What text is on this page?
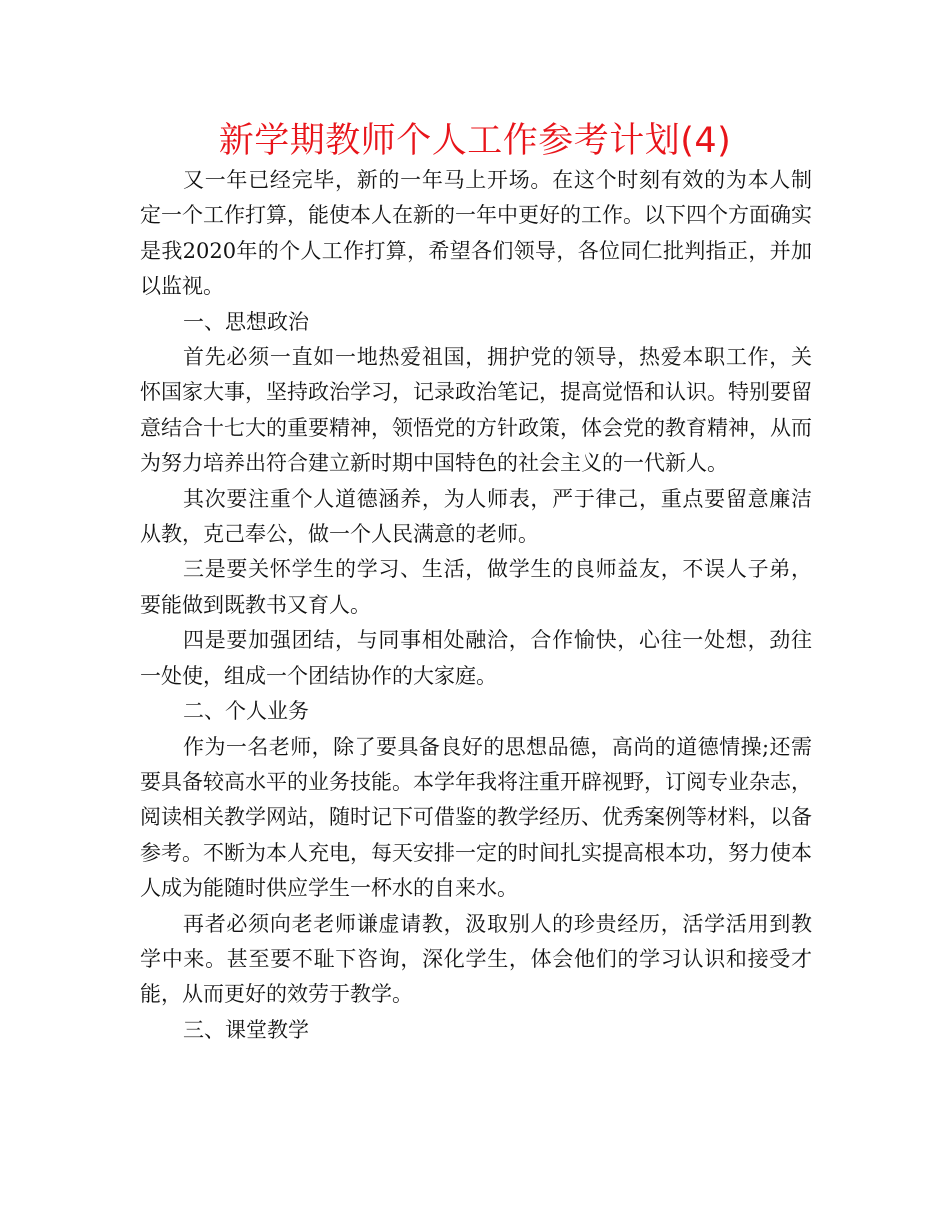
新学期教师个人工作参考计划(4)

又一年已经完毕，新的一年马上开场。在这个时刻有效的为本人制定一个工作打算，能使本人在新的一年中更好的工作。以下四个方面确实是我2020年的个人工作打算，希望各们领导，各位同仁批判指正，并加以监视。

一、思想政治

首先必须一直如一地热爱祖国，拥护党的领导，热爱本职工作，关怀国家大事，坚持政治学习，记录政治笔记，提高觉悟和认识。特别要留意结合十七大的重要精神，领悟党的方针政策，体会党的教育精神，从而为努力培养出符合建立新时期中国特色的社会主义的一代新人。

其次要注重个人道德涵养，为人师表，严于律己，重点要留意廉洁从教，克己奉公，做一个人民满意的老师。

三是要关怀学生的学习、生活，做学生的良师益友，不误人子弟，要能做到既教书又育人。

四是要加强团结，与同事相处融洽，合作愉快，心往一处想，劲往一处使，组成一个团结协作的大家庭。

二、个人业务

作为一名老师，除了要具备良好的思想品德，高尚的道德情操;还需要具备较高水平的业务技能。本学年我将注重开辟视野，订阅专业杂志，阅读相关教学网站，随时记下可借鉴的教学经历、优秀案例等材料，以备参考。不断为本人充电，每天安排一定的时间扎实提高根本功，努力使本人成为能随时供应学生一杯水的自来水。

再者必须向老老师谦虚请教，汲取别人的珍贵经历，活学活用到教学中来。甚至要不耻下咨询，深化学生，体会他们的学习认识和接受才能，从而更好的效劳于教学。

三、课堂教学
